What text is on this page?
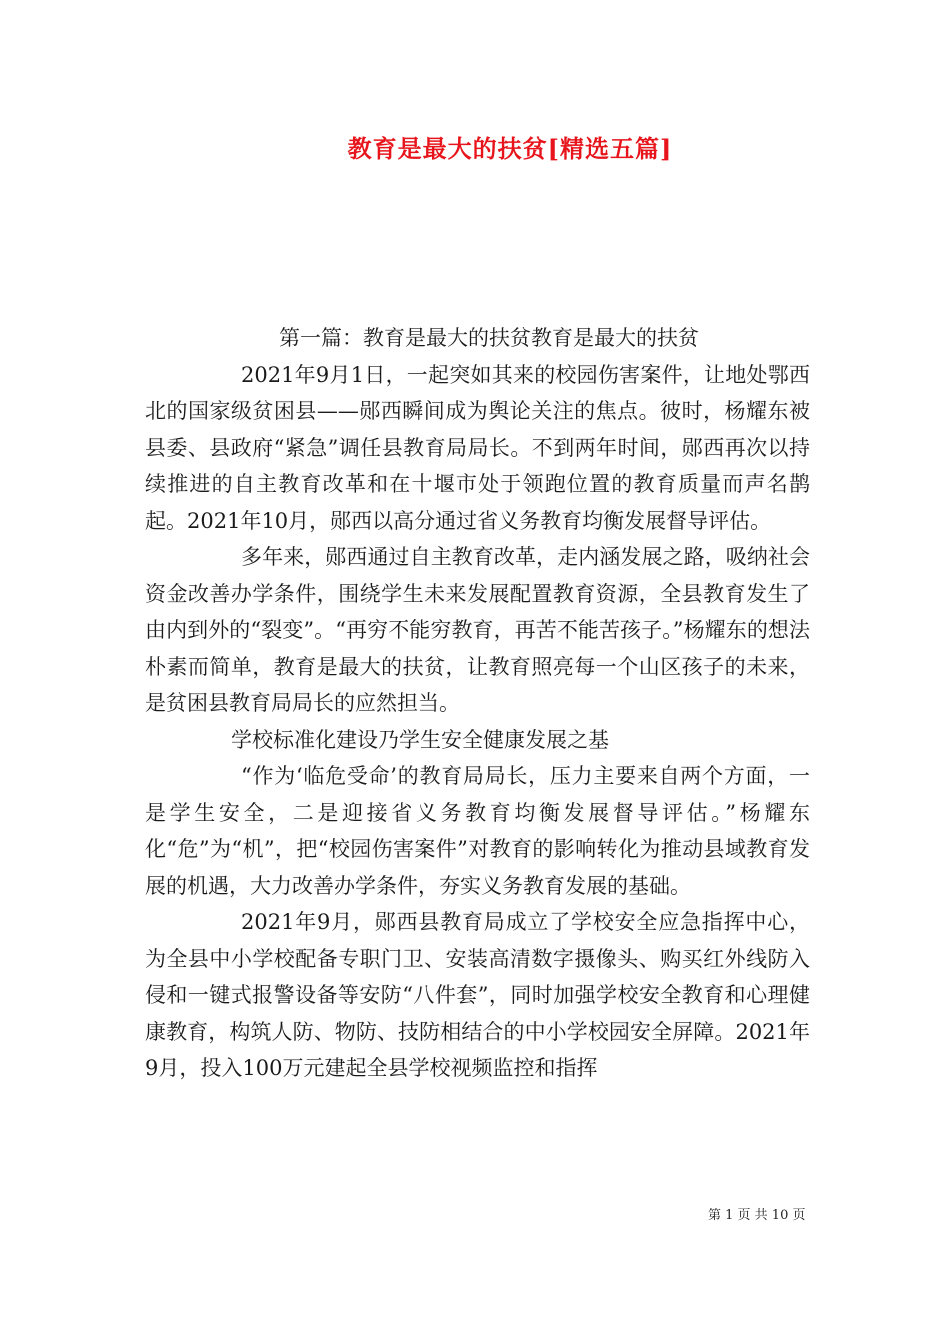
教育是最大的扶贫[精选五篇]

第一篇：教育是最大的扶贫教育是最大的扶贫

2021年9月1日，一起突如其来的校园伤害案件，让地处鄂西北的国家级贫困县——郧西瞬间成为舆论关注的焦点。彼时，杨耀东被县委、县政府“紧急”调任县教育局局长。不到两年时间，郧西再次以持续推进的自主教育改革和在十堰市处于领跑位置的教育质量而声名鹊起。2021年10月，郧西以高分通过省义务教育均衡发展督导评估。

多年来，郧西通过自主教育改革，走内涵发展之路，吸纳社会资金改善办学条件，围绕学生未来发展配置教育资源，全县教育发生了由内到外的“裂变”。“再穷不能穷教育，再苦不能苦孩子。”杨耀东的想法朴素而简单，教育是最大的扶贫，让教育照亮每一个山区孩子的未来，是贫困县教育局局长的应然担当。

学校标准化建设乃学生安全健康发展之基

“作为‘临危受命’的教育局局长，压力主要来自两个方面，一是学生安全，二是迎接省义务教育均衡发展督导评估。”杨耀东化“危”为“机”，把“校园伤害案件”对教育的影响转化为推动县域教育发展的机遇，大力改善办学条件，夯实义务教育发展的基础。

2021年9月，郧西县教育局成立了学校安全应急指挥中心，为全县中小学校配备专职门卫、安装高清数字摄像头、购买红外线防入侵和一键式报警设备等安防“八件套”，同时加强学校安全教育和心理健康教育，构筑人防、物防、技防相结合的中小学校园安全屏障。2021年9月，投入100万元建起全县学校视频监控和指挥

第 1 页 共 10 页
